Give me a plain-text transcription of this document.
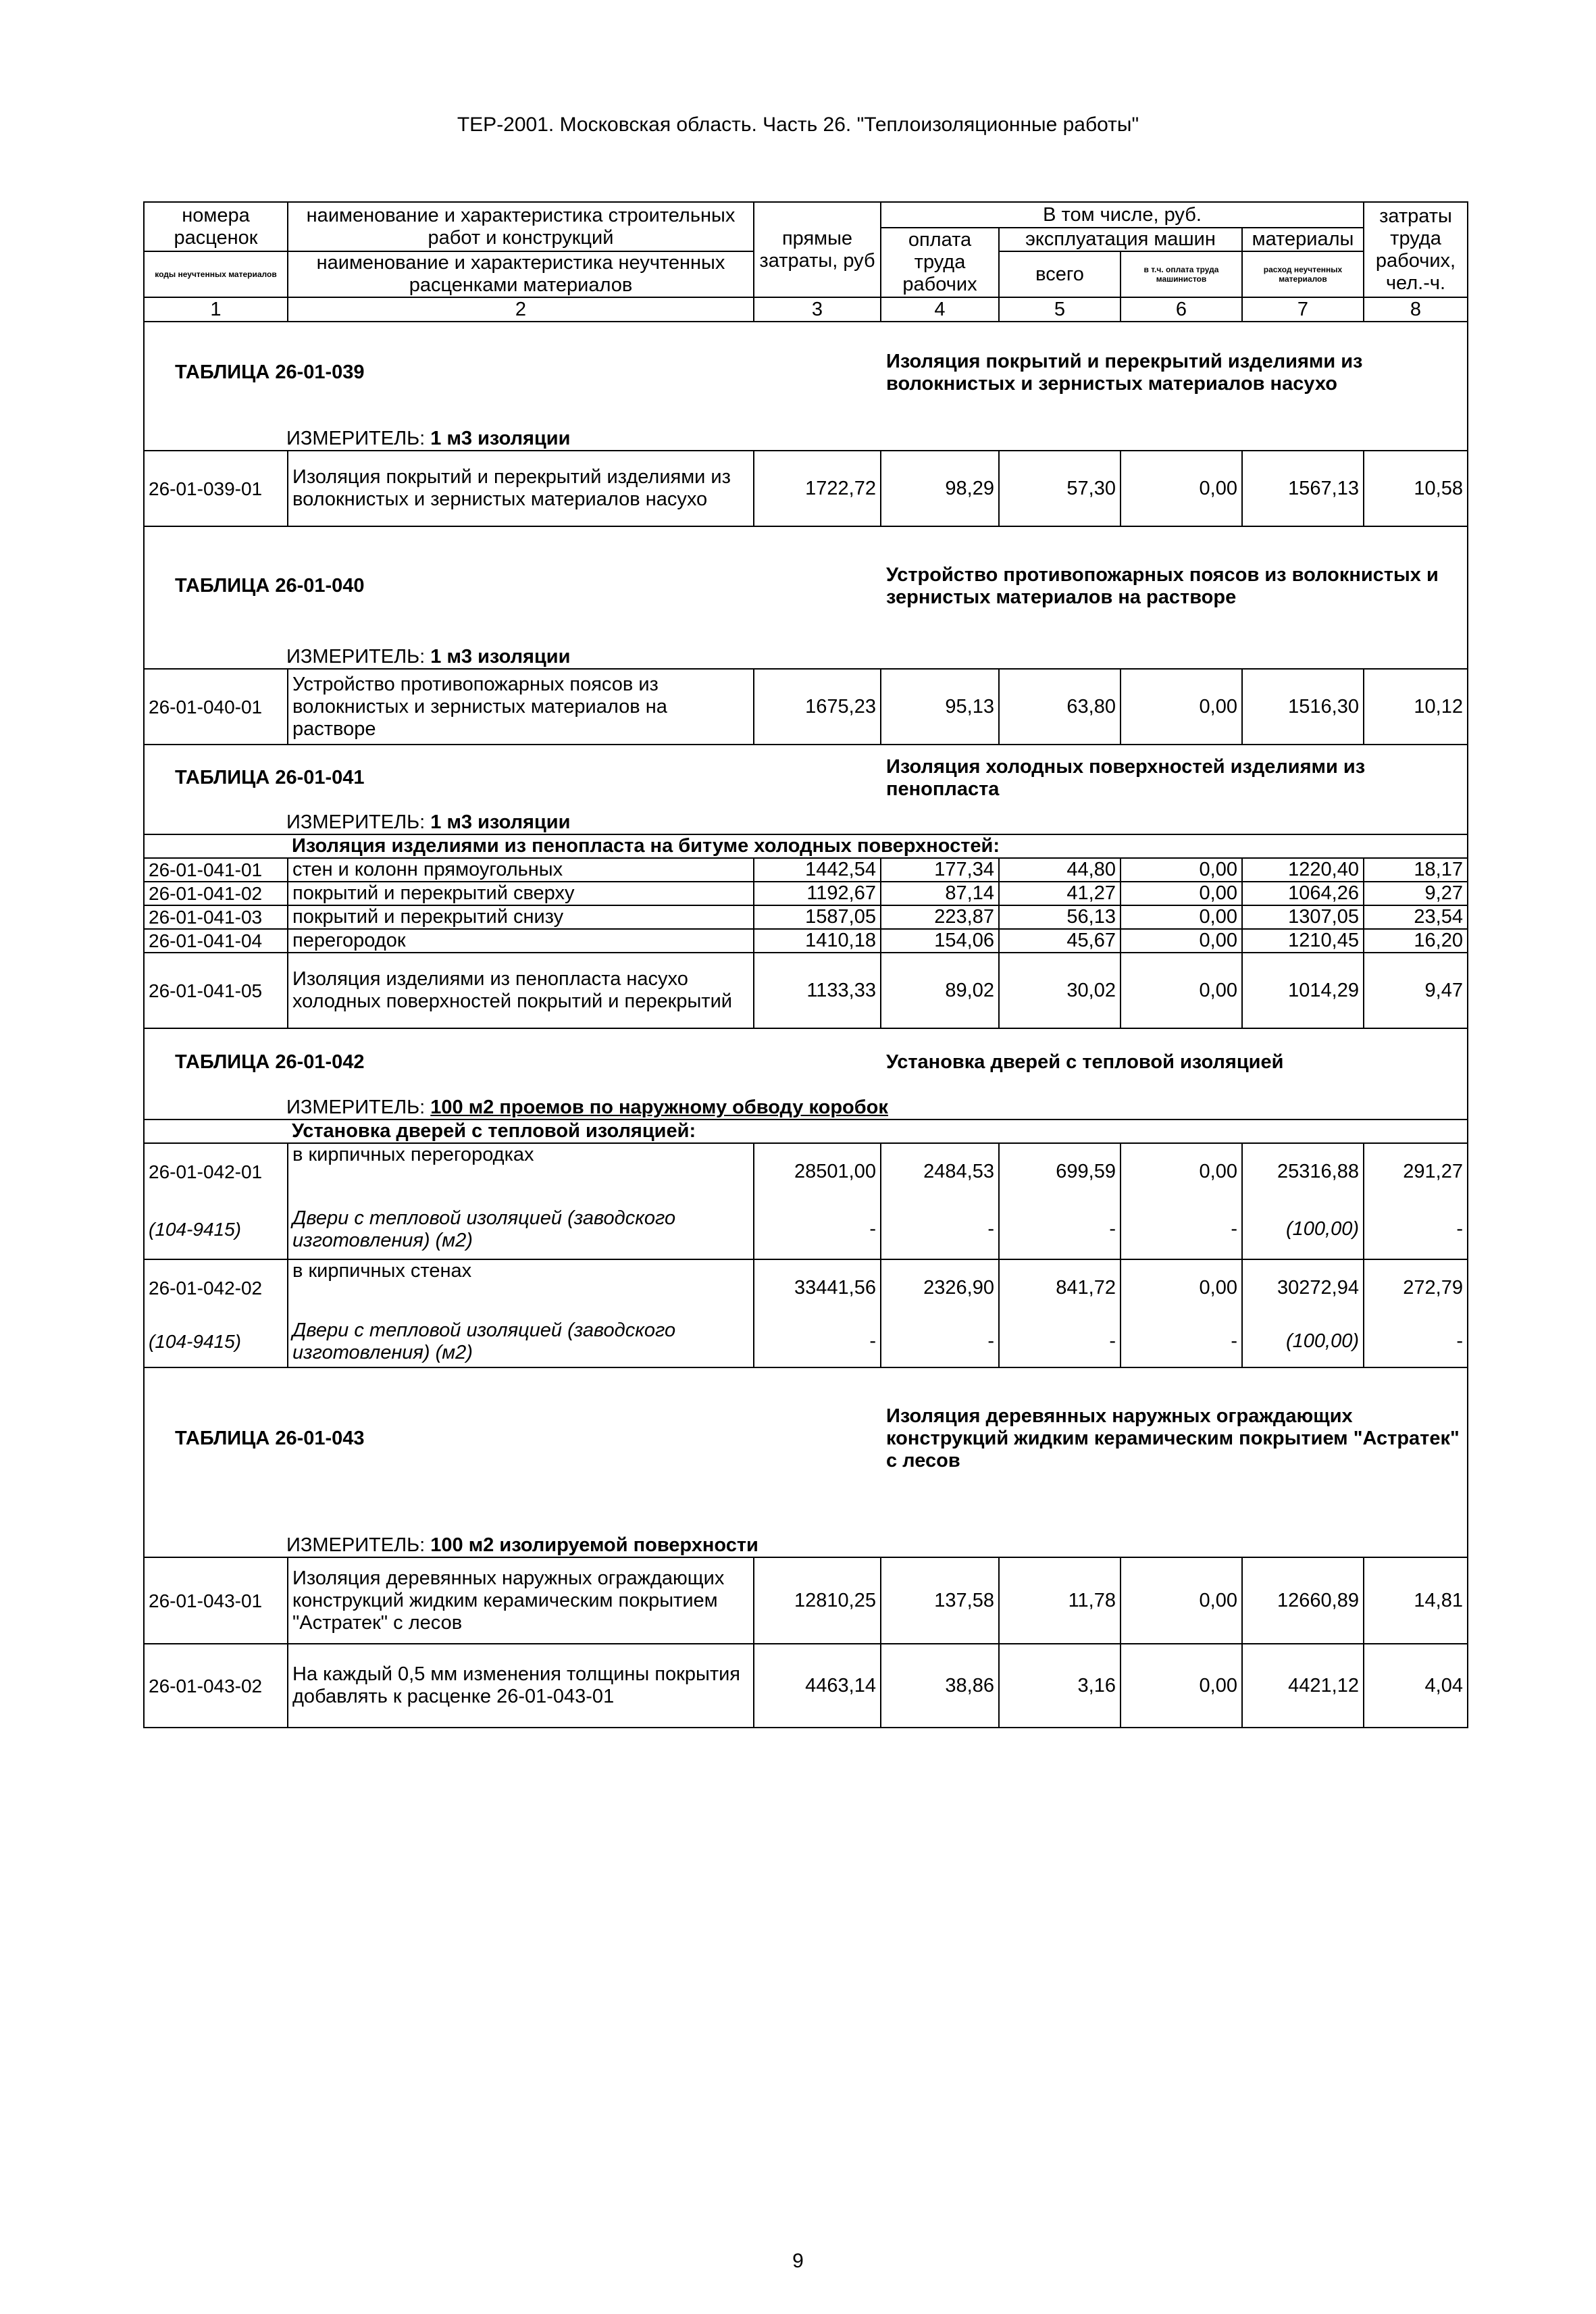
ТЕР-2001. Московская область. Часть 26. "Теплоизоляционные работы"
номера расценок	наименование и характеристика строительных работ и конструкций	прямые затраты, руб	В том числе, руб.				затраты труда рабочих, чел.-ч.
			оплата труда рабочих	эксплуатация машин		материалы	
коды неучтенных материалов	наименование и характеристика неучтенных расценками материалов			всего	в т.ч. оплата труда машинистов	расход неучтенных материалов	

1	2	3	4	5	6	7	8
ТАБЛИЦА 26-01-039			Изоляция покрытий и перекрытий изделиями из волокнистых и зернистых материалов насухо				
ИЗМЕРИТЕЛЬ: 1 м3 изоляции							
26-01-039-01	Изоляция покрытий и перекрытий изделиями из волокнистых и зернистых материалов насухо	1722,72	98,29	57,30	0,00	1567,13	10,58
ТАБЛИЦА 26-01-040			Устройство противопожарных поясов из волокнистых и зернистых материалов на растворе				
ИЗМЕРИТЕЛЬ: 1 м3 изоляции							
26-01-040-01	Устройство противопожарных поясов из волокнистых и зернистых материалов на растворе	1675,23	95,13	63,80	0,00	1516,30	10,12
ТАБЛИЦА 26-01-041			Изоляция холодных поверхностей изделиями из пенопласта				
ИЗМЕРИТЕЛЬ: 1 м3 изоляции							
Изоляция изделиями из пенопласта на битуме холодных поверхностей:							
26-01-041-01	стен и колонн прямоугольных	1442,54	177,34	44,80	0,00	1220,40	18,17
26-01-041-02	покрытий и перекрытий сверху	1192,67	87,14	41,27	0,00	1064,26	9,27
26-01-041-03	покрытий и перекрытий снизу	1587,05	223,87	56,13	0,00	1307,05	23,54
26-01-041-04	перегородок	1410,18	154,06	45,67	0,00	1210,45	16,20
26-01-041-05	Изоляция изделиями из пенопласта насухо холодных поверхностей покрытий и перекрытий	1133,33	89,02	30,02	0,00	1014,29	9,47
ТАБЛИЦА 26-01-042			Установка дверей с тепловой изоляцией				
ИЗМЕРИТЕЛЬ: 100 м2 проемов по наружному обводу коробок							
Установка дверей с тепловой изоляцией:							
26-01-042-01	в кирпичных перегородках	28501,00	2484,53	699,59	0,00	25316,88	291,27
(104-9415)	Двери с тепловой изоляцией (заводского изготовления) (м2)	-	-	-	-	(100,00)	-
26-01-042-02	в кирпичных стенах	33441,56	2326,90	841,72	0,00	30272,94	272,79
(104-9415)	Двери с тепловой изоляцией (заводского изготовления) (м2)	-	-	-	-	(100,00)	-
ТАБЛИЦА 26-01-043			Изоляция деревянных наружных ограждающих конструкций жидким керамическим покрытием "Астратек" с лесов				
ИЗМЕРИТЕЛЬ: 100 м2 изолируемой поверхности							
26-01-043-01	Изоляция деревянных наружных ограждающих конструкций жидким керамическим покрытием "Астратек" с лесов	12810,25	137,58	11,78	0,00	12660,89	14,81
26-01-043-02	На каждый 0,5 мм изменения толщины покрытия добавлять к расценке 26-01-043-01	4463,14	38,86	3,16	0,00	4421,12	4,04
9
